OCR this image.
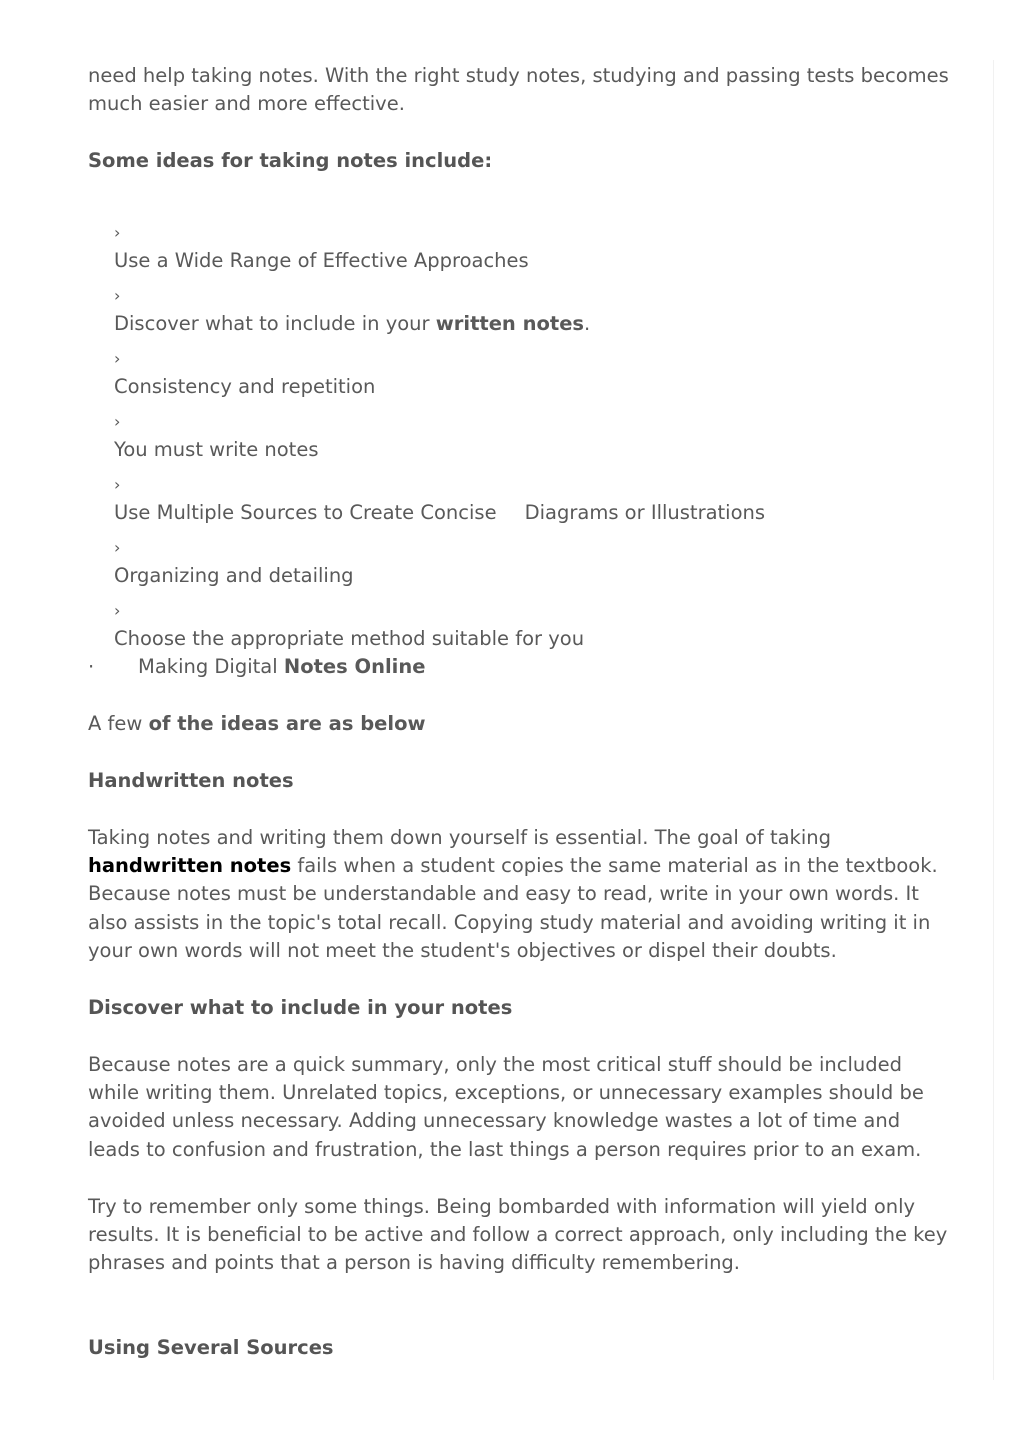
need help taking notes. With the right study notes, studying and passing tests becomes much easier and more effective.

Some ideas for taking notes include:

›
Use a Wide Range of Effective Approaches
›
Discover what to include in your written notes.
›
Consistency and repetition
›
You must write notes
›
Use Multiple Sources to Create Concise Diagrams or Illustrations
›
Organizing and detailing
›
Choose the appropriate method suitable for you
· Making Digital Notes Online

A few of the ideas are as below

Handwritten notes

Taking notes and writing them down yourself is essential. The goal of taking handwritten notes fails when a student copies the same material as in the textbook. Because notes must be understandable and easy to read, write in your own words. It also assists in the topic's total recall. Copying study material and avoiding writing it in your own words will not meet the student's objectives or dispel their doubts.

Discover what to include in your notes

Because notes are a quick summary, only the most critical stuff should be included while writing them. Unrelated topics, exceptions, or unnecessary examples should be avoided unless necessary. Adding unnecessary knowledge wastes a lot of time and leads to confusion and frustration, the last things a person requires prior to an exam.

Try to remember only some things. Being bombarded with information will yield only results. It is beneficial to be active and follow a correct approach, only including the key phrases and points that a person is having difficulty remembering.

Using Several Sources
